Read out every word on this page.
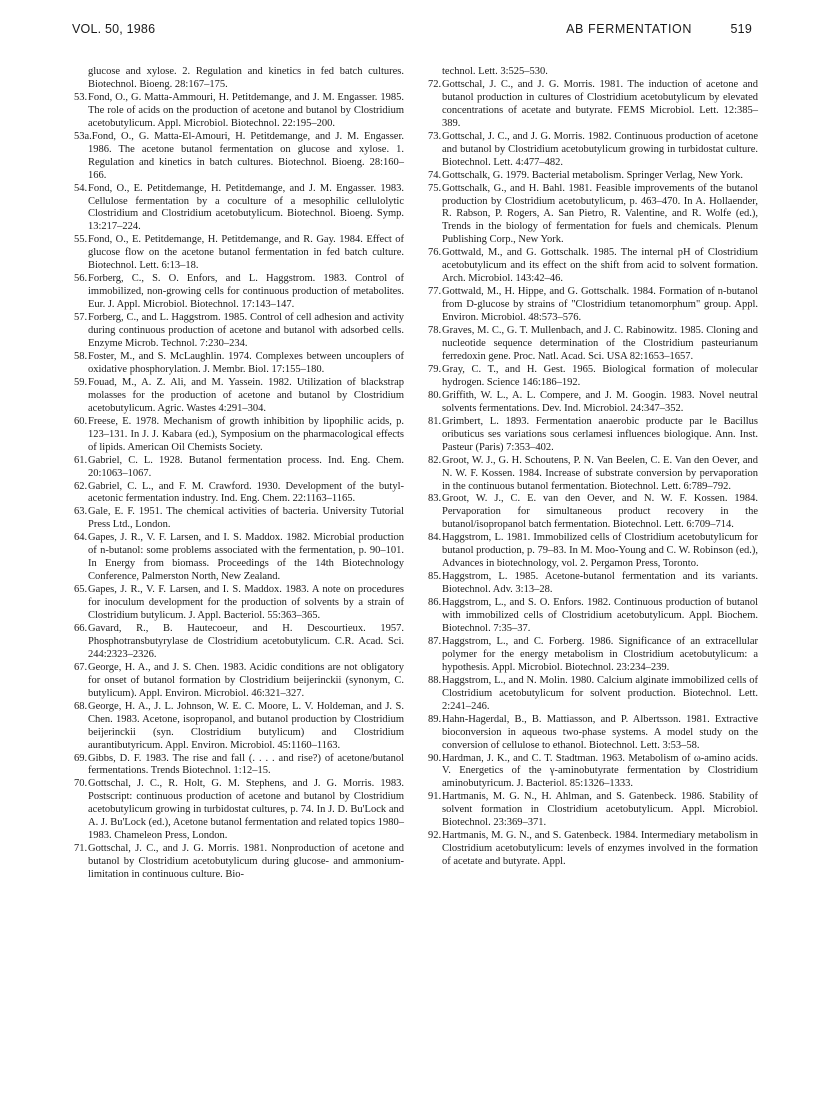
VOL. 50, 1986	AB FERMENTATION	519

glucose and xylose. 2. Regulation and kinetics in fed batch cultures. Biotechnol. Bioeng. 28:167–175.

53.Fond, O., G. Matta-Ammouri, H. Petitdemange, and J. M. Engasser. 1985. The role of acids on the production of acetone and butanol by Clostridium acetobutylicum. Appl. Microbiol. Biotechnol. 22:195–200.

53a.Fond, O., G. Matta-El-Amouri, H. Petitdemange, and J. M. Engasser. 1986. The acetone butanol fermentation on glucose and xylose. 1. Regulation and kinetics in batch cultures. Biotechnol. Bioeng. 28:160–166.

54.Fond, O., E. Petitdemange, H. Petitdemange, and J. M. Engasser. 1983. Cellulose fermentation by a coculture of a mesophilic cellulolytic Clostridium and Clostridium acetobutylicum. Biotechnol. Bioeng. Symp. 13:217–224.

55.Fond, O., E. Petitdemange, H. Petitdemange, and R. Gay. 1984. Effect of glucose flow on the acetone butanol fermentation in fed batch culture. Biotechnol. Lett. 6:13–18.

56.Forberg, C., S. O. Enfors, and L. Haggstrom. 1983. Control of immobilized, non-growing cells for continuous production of metabolites. Eur. J. Appl. Microbiol. Biotechnol. 17:143–147.

57.Forberg, C., and L. Haggstrom. 1985. Control of cell adhesion and activity during continuous production of acetone and butanol with adsorbed cells. Enzyme Microb. Technol. 7:230–234.

58.Foster, M., and S. McLaughlin. 1974. Complexes between uncouplers of oxidative phosphorylation. J. Membr. Biol. 17:155–180.

59.Fouad, M., A. Z. Ali, and M. Yassein. 1982. Utilization of blackstrap molasses for the production of acetone and butanol by Clostridium acetobutylicum. Agric. Wastes 4:291–304.

60.Freese, E. 1978. Mechanism of growth inhibition by lipophilic acids, p. 123–131. In J. J. Kabara (ed.), Symposium on the pharmacological effects of lipids. American Oil Chemists Society.

61.Gabriel, C. L. 1928. Butanol fermentation process. Ind. Eng. Chem. 20:1063–1067.

62.Gabriel, C. L., and F. M. Crawford. 1930. Development of the butyl-acetonic fermentation industry. Ind. Eng. Chem. 22:1163–1165.

63.Gale, E. F. 1951. The chemical activities of bacteria. University Tutorial Press Ltd., London.

64.Gapes, J. R., V. F. Larsen, and I. S. Maddox. 1982. Microbial production of n-butanol: some problems associated with the fermentation, p. 90–101. In Energy from biomass. Proceedings of the 14th Biotechnology Conference, Palmerston North, New Zealand.

65.Gapes, J. R., V. F. Larsen, and I. S. Maddox. 1983. A note on procedures for inoculum development for the production of solvents by a strain of Clostridium butylicum. J. Appl. Bacteriol. 55:363–365.

66.Gavard, R., B. Hautecoeur, and H. Descourtieux. 1957. Phosphotransbutyrylase de Clostridium acetobutylicum. C.R. Acad. Sci. 244:2323–2326.

67.George, H. A., and J. S. Chen. 1983. Acidic conditions are not obligatory for onset of butanol formation by Clostridium beijerinckii (synonym, C. butylicum). Appl. Environ. Microbiol. 46:321–327.

68.George, H. A., J. L. Johnson, W. E. C. Moore, L. V. Holdeman, and J. S. Chen. 1983. Acetone, isopropanol, and butanol production by Clostridium beijerinckii (syn. Clostridium butylicum) and Clostridium aurantibutyricum. Appl. Environ. Microbiol. 45:1160–1163.

69.Gibbs, D. F. 1983. The rise and fall (. . . . and rise?) of acetone/butanol fermentations. Trends Biotechnol. 1:12–15.

70.Gottschal, J. C., R. Holt, G. M. Stephens, and J. G. Morris. 1983. Postscript: continuous production of acetone and butanol by Clostridium acetobutylicum growing in turbidostat cultures, p. 74. In J. D. Bu'Lock and A. J. Bu'Lock (ed.), Acetone butanol fermentation and related topics 1980–1983. Chameleon Press, London.

71.Gottschal, J. C., and J. G. Morris. 1981. Nonproduction of acetone and butanol by Clostridium acetobutylicum during glucose- and ammonium-limitation in continuous culture. Bio-

technol. Lett. 3:525–530.

72.Gottschal, J. C., and J. G. Morris. 1981. The induction of acetone and butanol production in cultures of Clostridium acetobutylicum by elevated concentrations of acetate and butyrate. FEMS Microbiol. Lett. 12:385–389.

73.Gottschal, J. C., and J. G. Morris. 1982. Continuous production of acetone and butanol by Clostridium acetobutylicum growing in turbidostat culture. Biotechnol. Lett. 4:477–482.

74.Gottschalk, G. 1979. Bacterial metabolism. Springer Verlag, New York.

75.Gottschalk, G., and H. Bahl. 1981. Feasible improvements of the butanol production by Clostridium acetobutylicum, p. 463–470. In A. Hollaender, R. Rabson, P. Rogers, A. San Pietro, R. Valentine, and R. Wolfe (ed.), Trends in the biology of fermentation for fuels and chemicals. Plenum Publishing Corp., New York.

76.Gottwald, M., and G. Gottschalk. 1985. The internal pH of Clostridium acetobutylicum and its effect on the shift from acid to solvent formation. Arch. Microbiol. 143:42–46.

77.Gottwald, M., H. Hippe, and G. Gottschalk. 1984. Formation of n-butanol from D-glucose by strains of "Clostridium tetanomorphum" group. Appl. Environ. Microbiol. 48:573–576.

78.Graves, M. C., G. T. Mullenbach, and J. C. Rabinowitz. 1985. Cloning and nucleotide sequence determination of the Clostridium pasteurianum ferredoxin gene. Proc. Natl. Acad. Sci. USA 82:1653–1657.

79.Gray, C. T., and H. Gest. 1965. Biological formation of molecular hydrogen. Science 146:186–192.

80.Griffith, W. L., A. L. Compere, and J. M. Googin. 1983. Novel neutral solvents fermentations. Dev. Ind. Microbiol. 24:347–352.

81.Grimbert, L. 1893. Fermentation anaerobic producte par le Bacillus oributicus ses variations sous cerlamesi influences biologique. Ann. Inst. Pasteur (Paris) 7:353–402.

82.Groot, W. J., G. H. Schoutens, P. N. Van Beelen, C. E. Van den Oever, and N. W. F. Kossen. 1984. Increase of substrate conversion by pervaporation in the continuous butanol fermentation. Biotechnol. Lett. 6:789–792.

83.Groot, W. J., C. E. van den Oever, and N. W. F. Kossen. 1984. Pervaporation for simultaneous product recovery in the butanol/isopropanol batch fermentation. Biotechnol. Lett. 6:709–714.

84.Haggstrom, L. 1981. Immobilized cells of Clostridium acetobutylicum for butanol production, p. 79–83. In M. Moo-Young and C. W. Robinson (ed.), Advances in biotechnology, vol. 2. Pergamon Press, Toronto.

85.Haggstrom, L. 1985. Acetone-butanol fermentation and its variants. Biotechnol. Adv. 3:13–28.

86.Haggstrom, L., and S. O. Enfors. 1982. Continuous production of butanol with immobilized cells of Clostridium acetobutylicum. Appl. Biochem. Biotechnol. 7:35–37.

87.Haggstrom, L., and C. Forberg. 1986. Significance of an extracellular polymer for the energy metabolism in Clostridium acetobutylicum: a hypothesis. Appl. Microbiol. Biotechnol. 23:234–239.

88.Haggstrom, L., and N. Molin. 1980. Calcium alginate immobilized cells of Clostridium acetobutylicum for solvent production. Biotechnol. Lett. 2:241–246.

89.Hahn-Hagerdal, B., B. Mattiasson, and P. Albertsson. 1981. Extractive bioconversion in aqueous two-phase systems. A model study on the conversion of cellulose to ethanol. Biotechnol. Lett. 3:53–58.

90.Hardman, J. K., and C. T. Stadtman. 1963. Metabolism of ω-amino acids. V. Energetics of the γ-aminobutyrate fermentation by Clostridium aminobutyricum. J. Bacteriol. 85:1326–1333.

91.Hartmanis, M. G. N., H. Ahlman, and S. Gatenbeck. 1986. Stability of solvent formation in Clostridium acetobutylicum. Appl. Microbiol. Biotechnol. 23:369–371.

92.Hartmanis, M. G. N., and S. Gatenbeck. 1984. Intermediary metabolism in Clostridium acetobutylicum: levels of enzymes involved in the formation of acetate and butyrate. Appl.
